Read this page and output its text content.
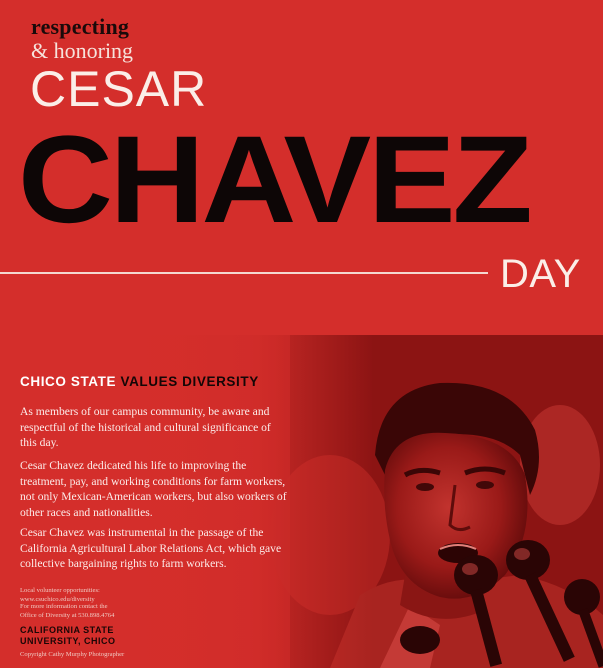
respecting
& honoring
CESAR
CHAVEZ
DAY
CHICO STATE VALUES DIVERSITY

As members of our campus community, be aware and respectful of the historical and cultural significance of this day.

Cesar Chavez dedicated his life to improving the treatment, pay, and working conditions for farm workers, not only Mexican-American workers, but also workers of other races and nationalities.

Cesar Chavez was instrumental in the passage of the California Agricultural Labor Relations Act, which gave collective bargaining rights to farm workers.

Local volunteer opportunities:
www.csuchico.edu/diversity
For more information contact the
Office of Diversity at 530.898.4764
CALIFORNIA STATE
UNIVERSITY, CHICO
Copyright Cathy Murphy Photographer
